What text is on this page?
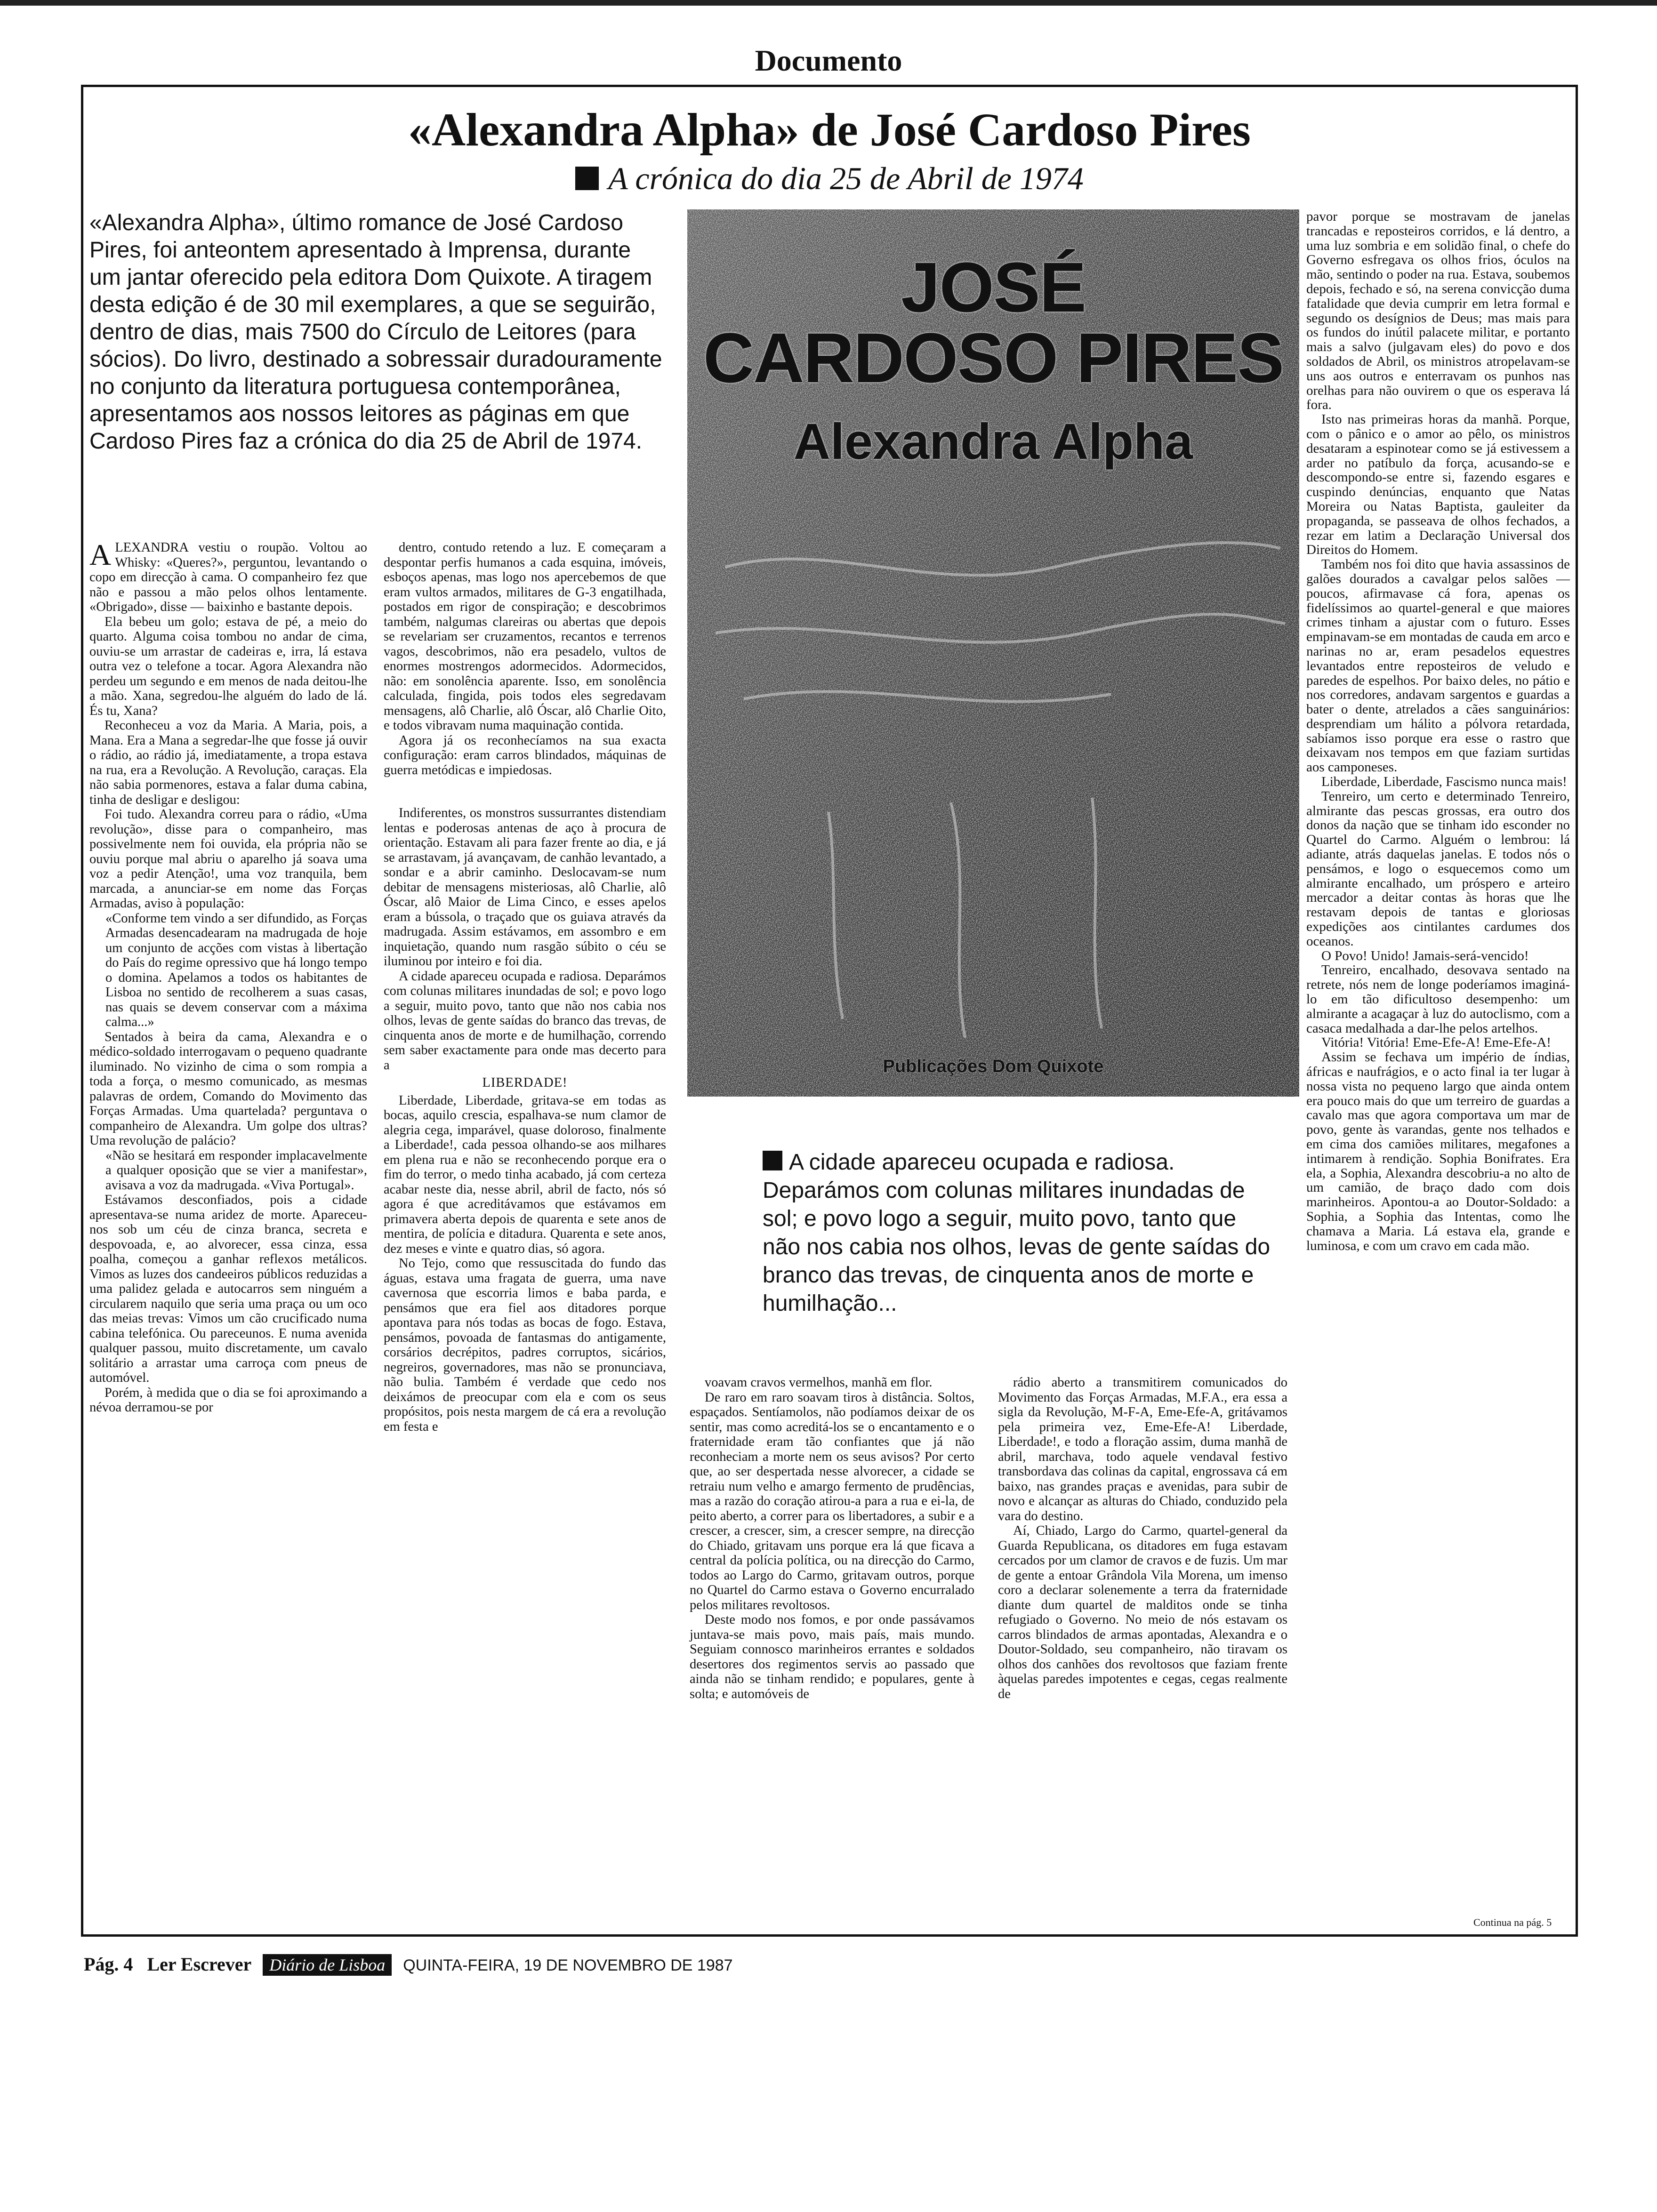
Documento
«Alexandra Alpha» de José Cardoso Pires
A crónica do dia 25 de Abril de 1974
«Alexandra Alpha», último romance de José Cardoso Pires, foi anteontem apresentado à Imprensa, durante um jantar oferecido pela editora Dom Quixote. A tiragem desta edição é de 30 mil exemplares, a que se seguirão, dentro de dias, mais 7500 do Círculo de Leitores (para sócios). Do livro, destinado a sobressair duradouramente no conjunto da literatura portuguesa contemporânea, apresentamos aos nossos leitores as páginas em que Cardoso Pires faz a crónica do dia 25 de Abril de 1974.
JOSÉ
CARDOSO PIRES
Alexandra Alpha
Publicações Dom Quixote
A cidade apareceu ocupada e radiosa. Deparámos com colunas militares inundadas de sol; e povo logo a seguir, muito povo, tanto que não nos cabia nos olhos, levas de gente saídas do branco das trevas, de cinquenta anos de morte e humilhação...

ALEXANDRA vestiu o roupão. Voltou ao Whisky: «Queres?», perguntou, levantando o copo em direcção à cama. O companheiro fez que não e passou a mão pelos olhos lentamente. «Obrigado», disse — baixinho e bastante depois.

Ela bebeu um golo; estava de pé, a meio do quarto. Alguma coisa tombou no andar de cima, ouviu-se um arrastar de cadeiras e, irra, lá estava outra vez o telefone a tocar. Agora Alexandra não perdeu um segundo e em menos de nada deitou-lhe a mão. Xana, segredou-lhe alguém do lado de lá. És tu, Xana?

Reconheceu a voz da Maria. A Maria, pois, a Mana. Era a Mana a segredar-lhe que fosse já ouvir o rádio, ao rádio já, imediatamente, a tropa estava na rua, era a Revolução. A Revolução, caraças. Ela não sabia pormenores, estava a falar duma cabina, tinha de desligar e desligou:

Foi tudo. Alexandra correu para o rádio, «Uma revolução», disse para o companheiro, mas possivelmente nem foi ouvida, ela própria não se ouviu porque mal abriu o aparelho já soava uma voz a pedir Atenção!, uma voz tranquila, bem marcada, a anunciar-se em nome das Forças Armadas, aviso à população:

«Conforme tem vindo a ser difundido, as Forças Armadas desencadearam na madrugada de hoje um conjunto de acções com vistas à libertação do País do regime opressivo que há longo tempo o domina. Apelamos a todos os habitantes de Lisboa no sentido de recolherem a suas casas, nas quais se devem conservar com a máxima calma...»

Sentados à beira da cama, Alexandra e o médico-soldado interrogavam o pequeno quadrante iluminado. No vizinho de cima o som rompia a toda a força, o mesmo comunicado, as mesmas palavras de ordem, Comando do Movimento das Forças Armadas. Uma quartelada? perguntava o companheiro de Alexandra. Um golpe dos ultras? Uma revolução de palácio?

«Não se hesitará em responder implacavelmente a qualquer oposição que se vier a manifestar», avisava a voz da madrugada. «Viva Portugal».

Estávamos desconfiados, pois a cidade apresentava-se numa aridez de morte. Apareceu-nos sob um céu de cinza branca, secreta e despovoada, e, ao alvorecer, essa cinza, essa poalha, começou a ganhar reflexos metálicos. Vimos as luzes dos candeeiros públicos reduzidas a uma palidez gelada e autocarros sem ninguém a circularem naquilo que seria uma praça ou um oco das meias trevas: Vimos um cão crucificado numa cabina telefónica. Ou pareceunos. E numa avenida qualquer passou, muito discretamente, um cavalo solitário a arrastar uma carroça com pneus de automóvel.

Porém, à medida que o dia se foi aproximando a névoa derramou-se por

dentro, contudo retendo a luz. E começaram a despontar perfis humanos a cada esquina, imóveis, esboços apenas, mas logo nos apercebemos de que eram vultos armados, militares de G-3 engatilhada, postados em rigor de conspiração; e descobrimos também, nalgumas clareiras ou abertas que depois se revelariam ser cruzamentos, recantos e terrenos vagos, descobrimos, não era pesadelo, vultos de enormes mostrengos adormecidos. Adormecidos, não: em sonolência aparente. Isso, em sonolência calculada, fingida, pois todos eles segredavam mensagens, alô Charlie, alô Óscar, alô Charlie Oito, e todos vibravam numa maquinação contida.

Agora já os reconhecíamos na sua exacta configuração: eram carros blindados, máquinas de guerra metódicas e impiedosas.

Indiferentes, os monstros sussurrantes distendiam lentas e poderosas antenas de aço à procura de orientação. Estavam ali para fazer frente ao dia, e já se arrastavam, já avançavam, de canhão levantado, a sondar e a abrir caminho. Deslocavam-se num debitar de mensagens misteriosas, alô Charlie, alô Óscar, alô Maior de Lima Cinco, e esses apelos eram a bússola, o traçado que os guiava através da madrugada. Assim estávamos, em assombro e em inquietação, quando num rasgão súbito o céu se iluminou por inteiro e foi dia.

A cidade apareceu ocupada e radiosa. Deparámos com colunas militares inundadas de sol; e povo logo a seguir, muito povo, tanto que não nos cabia nos olhos, levas de gente saídas do branco das trevas, de cinquenta anos de morte e de humilhação, correndo sem saber exactamente para onde mas decerto para a

LIBERDADE!

Liberdade, Liberdade, gritava-se em todas as bocas, aquilo crescia, espalhava-se num clamor de alegria cega, imparável, quase doloroso, finalmente a Liberdade!, cada pessoa olhando-se aos milhares em plena rua e não se reconhecendo porque era o fim do terror, o medo tinha acabado, já com certeza acabar neste dia, nesse abril, abril de facto, nós só agora é que acreditávamos que estávamos em primavera aberta depois de quarenta e sete anos de mentira, de polícia e ditadura. Quarenta e sete anos, dez meses e vinte e quatro dias, só agora.

No Tejo, como que ressuscitada do fundo das águas, estava uma fragata de guerra, uma nave cavernosa que escorria limos e baba parda, e pensámos que era fiel aos ditadores porque apontava para nós todas as bocas de fogo. Estava, pensámos, povoada de fantasmas do antigamente, corsários decrépitos, padres corruptos, sicários, negreiros, governadores, mas não se pronunciava, não bulia. Também é verdade que cedo nos deixámos de preocupar com ela e com os seus propósitos, pois nesta margem de cá era a revolução em festa e

voavam cravos vermelhos, manhã em flor.

De raro em raro soavam tiros à distância. Soltos, espaçados. Sentíamolos, não podíamos deixar de os sentir, mas como acreditá-los se o encantamento e o fraternidade eram tão confiantes que já não reconheciam a morte nem os seus avisos? Por certo que, ao ser despertada nesse alvorecer, a cidade se retraiu num velho e amargo fermento de prudências, mas a razão do coração atirou-a para a rua e ei-la, de peito aberto, a correr para os libertadores, a subir e a crescer, a crescer, sim, a crescer sempre, na direcção do Chiado, gritavam uns porque era lá que ficava a central da polícia política, ou na direcção do Carmo, todos ao Largo do Carmo, gritavam outros, porque no Quartel do Carmo estava o Governo encurralado pelos militares revoltosos.

Deste modo nos fomos, e por onde passávamos juntava-se mais povo, mais país, mais mundo. Seguiam connosco marinheiros errantes e soldados desertores dos regimentos servis ao passado que ainda não se tinham rendido; e populares, gente à solta; e automóveis de

rádio aberto a transmitirem comunicados do Movimento das Forças Armadas, M.F.A., era essa a sigla da Revolução, M-F-A, Eme-Efe-A, gritávamos pela primeira vez, Eme-Efe-A! Liberdade, Liberdade!, e todo a floração assim, duma manhã de abril, marchava, todo aquele vendaval festivo transbordava das colinas da capital, engrossava cá em baixo, nas grandes praças e avenidas, para subir de novo e alcançar as alturas do Chiado, conduzido pela vara do destino.

Aí, Chiado, Largo do Carmo, quartel-general da Guarda Republicana, os ditadores em fuga estavam cercados por um clamor de cravos e de fuzis. Um mar de gente a entoar Grândola Vila Morena, um imenso coro a declarar solenemente a terra da fraternidade diante dum quartel de malditos onde se tinha refugiado o Governo. No meio de nós estavam os carros blindados de armas apontadas, Alexandra e o Doutor-Soldado, seu companheiro, não tiravam os olhos dos canhões dos revoltosos que faziam frente àquelas paredes impotentes e cegas, cegas realmente de

pavor porque se mostravam de janelas trancadas e reposteiros corridos, e lá dentro, a uma luz sombria e em solidão final, o chefe do Governo esfregava os olhos frios, óculos na mão, sentindo o poder na rua. Estava, soubemos depois, fechado e só, na serena convicção duma fatalidade que devia cumprir em letra formal e segundo os desígnios de Deus; mas mais para os fundos do inútil palacete militar, e portanto mais a salvo (julgavam eles) do povo e dos soldados de Abril, os ministros atropelavam-se uns aos outros e enterravam os punhos nas orelhas para não ouvirem o que os esperava lá fora.

Isto nas primeiras horas da manhã. Porque, com o pânico e o amor ao pêlo, os ministros desataram a espinotear como se já estivessem a arder no patíbulo da força, acusando-se e descompondo-se entre si, fazendo esgares e cuspindo denúncias, enquanto que Natas Moreira ou Natas Baptista, gauleiter da propaganda, se passeava de olhos fechados, a rezar em latim a Declaração Universal dos Direitos do Homem.

Também nos foi dito que havia assassinos de galões dourados a cavalgar pelos salões — poucos, afirmavase cá fora, apenas os fidelíssimos ao quartel-general e que maiores crimes tinham a ajustar com o futuro. Esses empinavam-se em montadas de cauda em arco e narinas no ar, eram pesadelos equestres levantados entre reposteiros de veludo e paredes de espelhos. Por baixo deles, no pátio e nos corredores, andavam sargentos e guardas a bater o dente, atrelados a cães sanguinários: desprendiam um hálito a pólvora retardada, sabíamos isso porque era esse o rastro que deixavam nos tempos em que faziam surtidas aos camponeses.

Liberdade, Liberdade, Fascismo nunca mais!

Tenreiro, um certo e determinado Tenreiro, almirante das pescas grossas, era outro dos donos da nação que se tinham ido esconder no Quartel do Carmo. Alguém o lembrou: lá adiante, atrás daquelas janelas. E todos nós o pensámos, e logo o esquecemos como um almirante encalhado, um próspero e arteiro mercador a deitar contas às horas que lhe restavam depois de tantas e gloriosas expedições aos cintilantes cardumes dos oceanos.

O Povo! Unido! Jamais-será-vencido!

Tenreiro, encalhado, desovava sentado na retrete, nós nem de longe poderíamos imaginá-lo em tão dificultoso desempenho: um almirante a acagaçar à luz do autoclismo, com a casaca medalhada a dar-lhe pelos artelhos.

Vitória! Vitória! Eme-Efe-A! Eme-Efe-A!

Assim se fechava um império de índias, áfricas e naufrágios, e o acto final ia ter lugar à nossa vista no pequeno largo que ainda ontem era pouco mais do que um terreiro de guardas a cavalo mas que agora comportava um mar de povo, gente às varandas, gente nos telhados e em cima dos camiões militares, megafones a intimarem à rendição. Sophia Bonifrates. Era ela, a Sophia, Alexandra descobriu-a no alto de um camião, de braço dado com dois marinheiros. Apontou-a ao Doutor-Soldado: a Sophia, a Sophia das Intentas, como lhe chamava a Maria. Lá estava ela, grande e luminosa, e com um cravo em cada mão.

Continua na pág. 5
Pág. 4 Ler Escrever Diário de Lisboa QUINTA-FEIRA, 19 DE NOVEMBRO DE 1987
